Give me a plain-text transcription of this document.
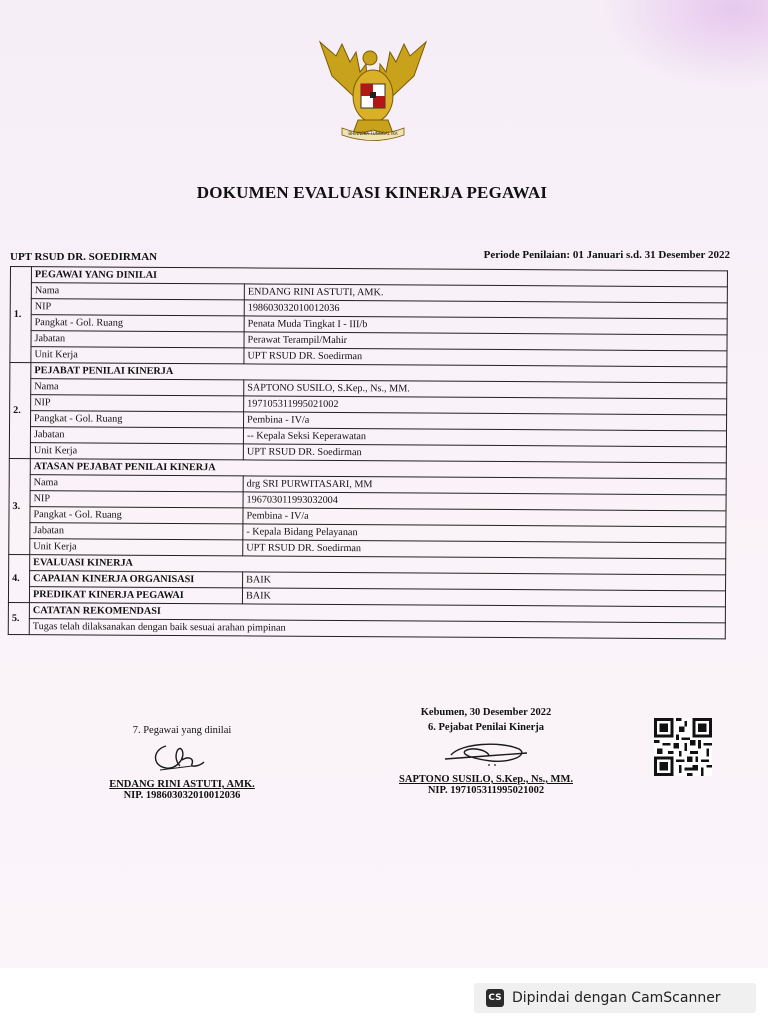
BHINNEKA TUNGGAL IKA
DOKUMEN EVALUASI KINERJA PEGAWAI
UPT RSUD DR. SOEDIRMAN	Periode Penilaian: 01 Januari s.d. 31 Desember 2022
1.	PEGAWAI YANG DINILAI	
	Nama	ENDANG RINI ASTUTI, AMK.
	NIP	198603032010012036
	Pangkat - Gol. Ruang	Penata Muda Tingkat I - III/b
	Jabatan	Perawat Terampil/Mahir
	Unit Kerja	UPT RSUD DR. Soedirman
2.	PEJABAT PENILAI KINERJA	
	Nama	SAPTONO SUSILO, S.Kep., Ns., MM.
	NIP	197105311995021002
	Pangkat - Gol. Ruang	Pembina - IV/a
	Jabatan	-- Kepala Seksi Keperawatan
	Unit Kerja	UPT RSUD DR. Soedirman
3.	ATASAN PEJABAT PENILAI KINERJA	
	Nama	drg SRI PURWITASARI, MM
	NIP	196703011993032004
	Pangkat - Gol. Ruang	Pembina - IV/a
	Jabatan	- Kepala Bidang Pelayanan
	Unit Kerja	UPT RSUD DR. Soedirman
4.	EVALUASI KINERJA	
	CAPAIAN KINERJA ORGANISASI	BAIK
	PREDIKAT KINERJA PEGAWAI	BAIK
5.	CATATAN REKOMENDASI	
	Tugas telah dilaksanakan dengan baik sesuai arahan pimpinan	
7. Pegawai yang dinilai
ENDANG RINI ASTUTI, AMK.
NIP. 198603032010012036
Kebumen, 30 Desember 2022
6. Pejabat Penilai Kinerja
SAPTONO SUSILO, S.Kep., Ns., MM.
NIP. 197105311995021002
CS Dipindai dengan CamScanner
